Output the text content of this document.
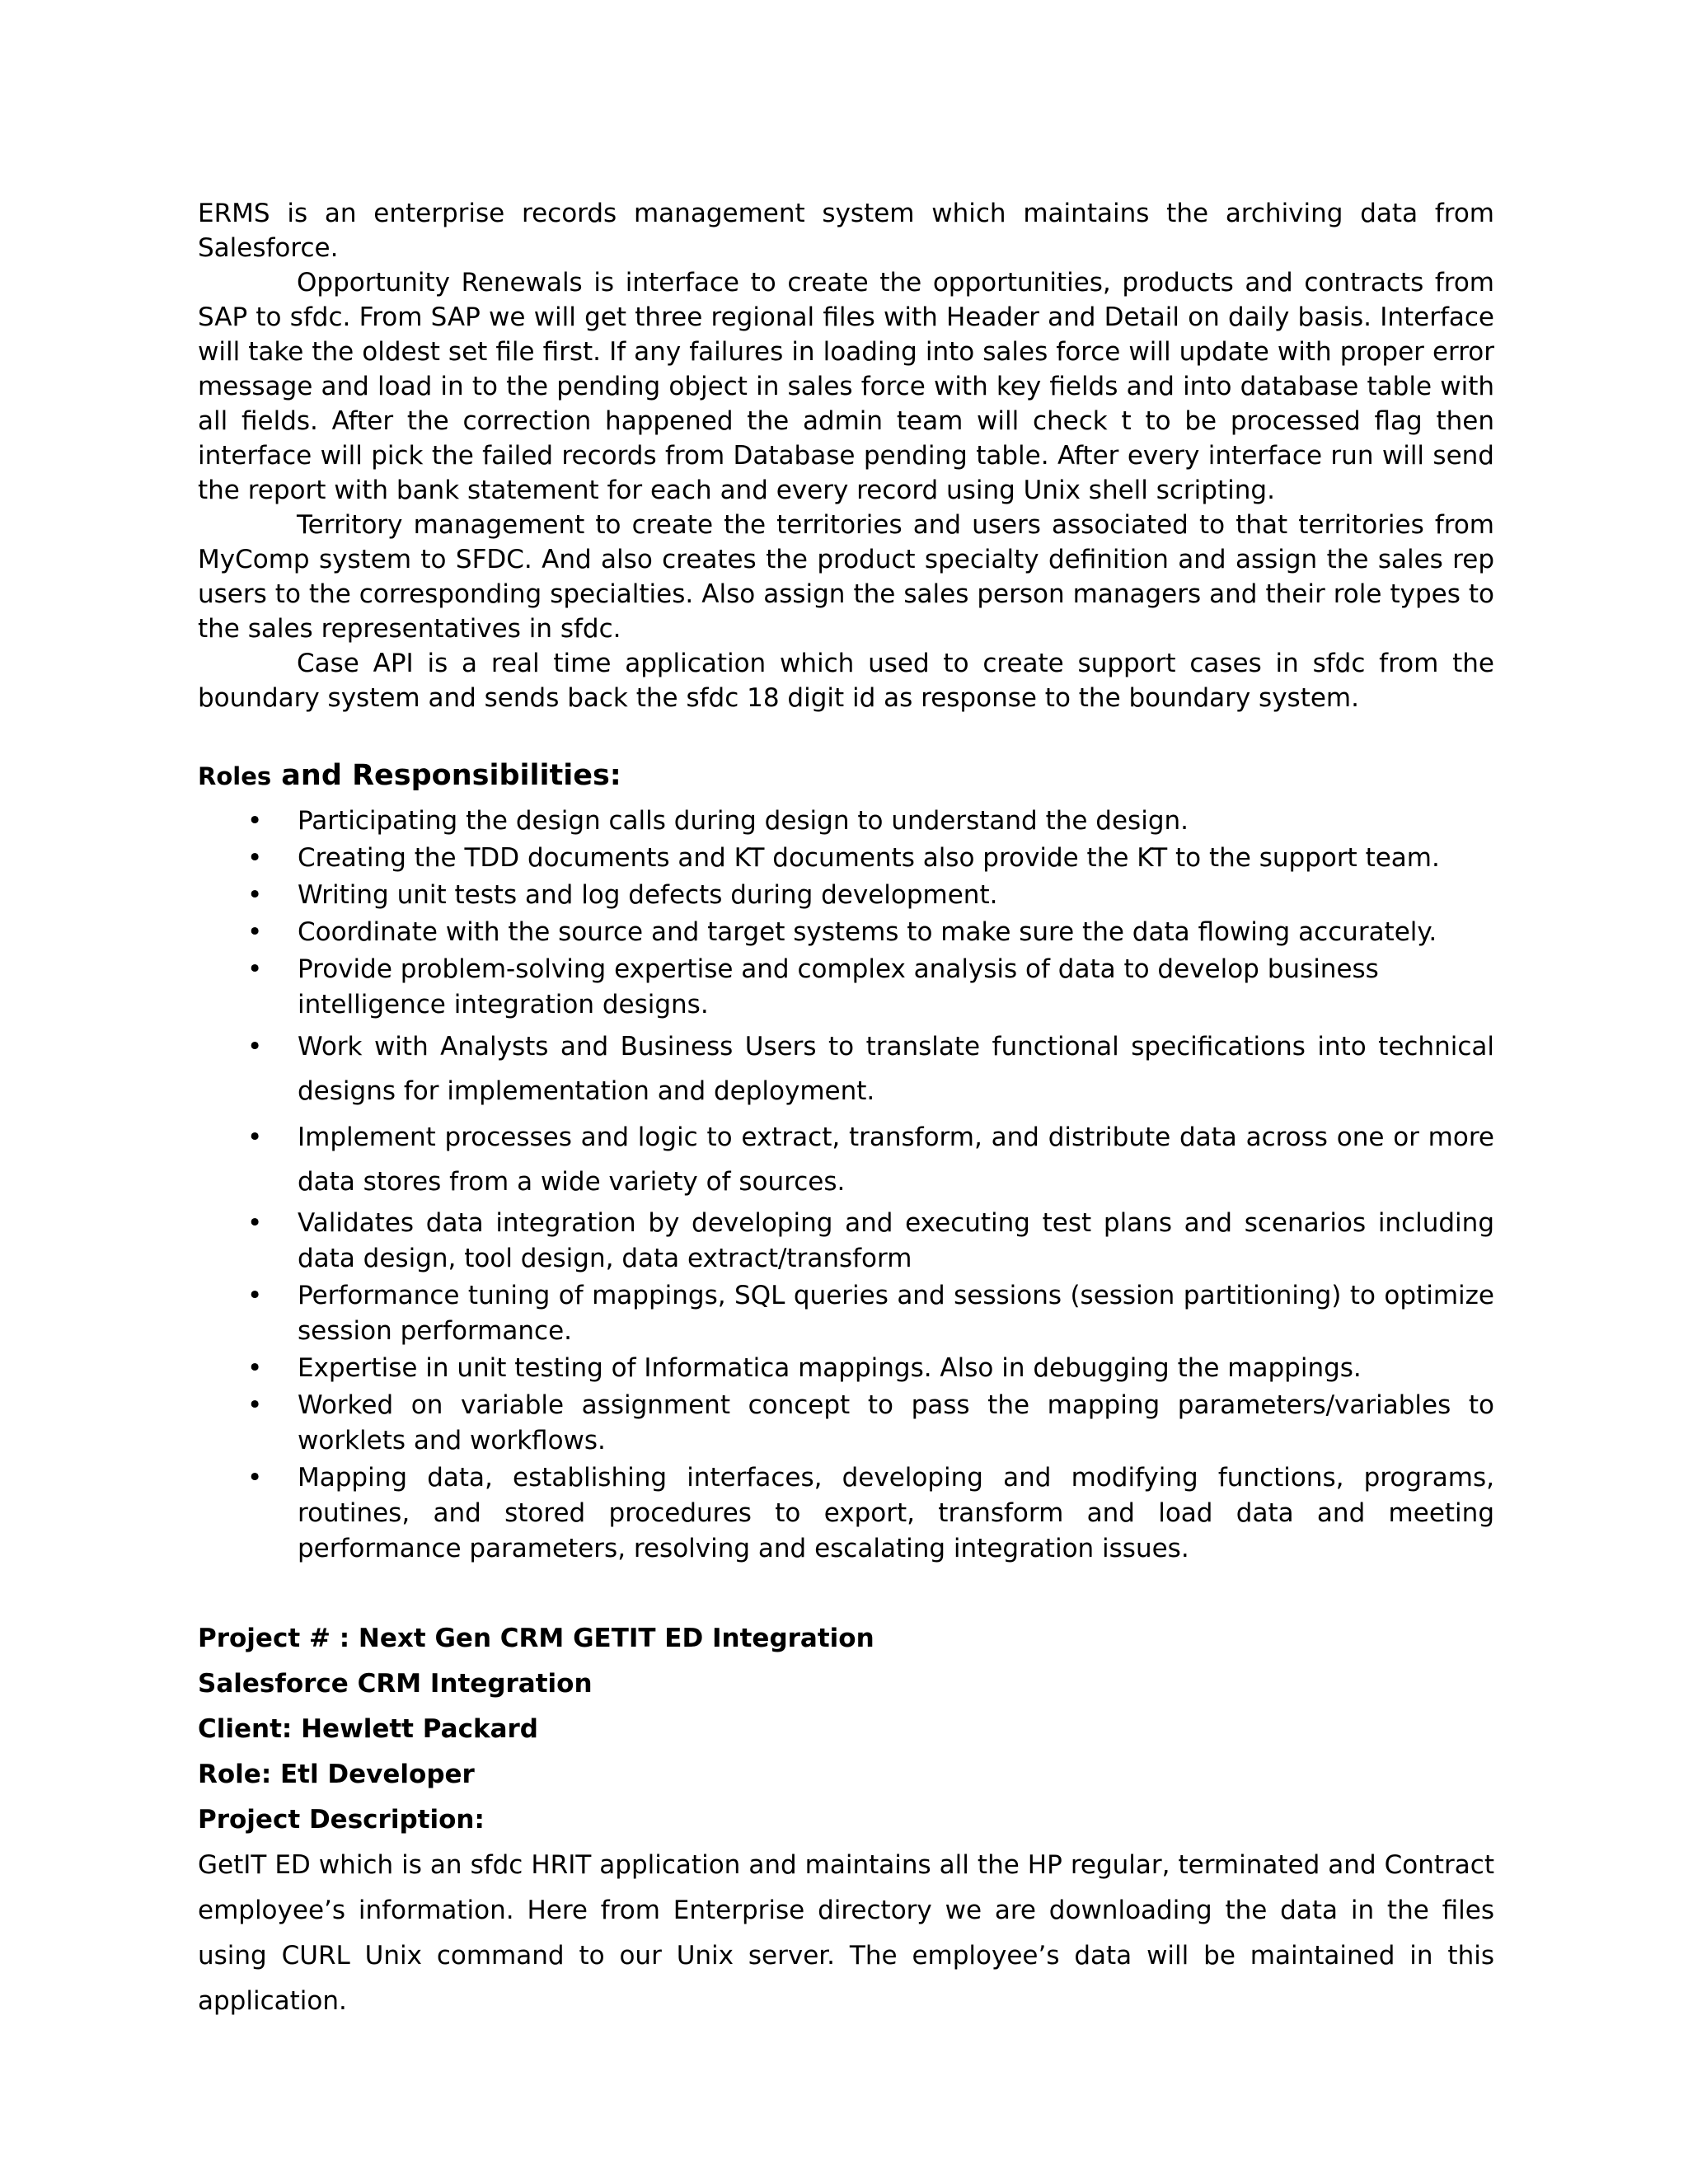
ERMS is an enterprise records management system which maintains the archiving data from Salesforce.

Opportunity Renewals is interface to create the opportunities, products and contracts from SAP to sfdc. From SAP we will get three regional files with Header and Detail on daily basis. Interface will take the oldest set file first. If any failures in loading into sales force will update with proper error message and load in to the pending object in sales force with key fields and into database table with all fields. After the correction happened the admin team will check t to be processed flag then interface will pick the failed records from Database pending table. After every interface run will send the report with bank statement for each and every record using Unix shell scripting.

Territory management to create the territories and users associated to that territories from MyComp system to SFDC. And also creates the product specialty definition and assign the sales rep users to the corresponding specialties. Also assign the sales person managers and their role types to the sales representatives in sfdc.

Case API is a real time application which used to create support cases in sfdc from the boundary system and sends back the sfdc 18 digit id as response to the boundary system.

Roles and Responsibilities:
• Participating the design calls during design to understand the design.
• Creating the TDD documents and KT documents also provide the KT to the support team.
• Writing unit tests and log defects during development.
• Coordinate with the source and target systems to make sure the data flowing accurately.
• Provide problem-solving expertise and complex analysis of data to develop business intelligence integration designs.
• Work with Analysts and Business Users to translate functional specifications into technical designs for implementation and deployment.
• Implement processes and logic to extract, transform, and distribute data across one or more data stores from a wide variety of sources.
• Validates data integration by developing and executing test plans and scenarios including data design, tool design, data extract/transform
• Performance tuning of mappings, SQL queries and sessions (session partitioning) to optimize session performance.
• Expertise in unit testing of Informatica mappings. Also in debugging the mappings.
• Worked on variable assignment concept to pass the mapping parameters/variables to worklets and workflows.
• Mapping data, establishing interfaces, developing and modifying functions, programs, routines, and stored procedures to export, transform and load data and meeting performance parameters, resolving and escalating integration issues.

Project # : Next Gen CRM GETIT ED Integration

Salesforce CRM Integration

Client: Hewlett Packard

Role: Etl Developer

Project Description:

GetIT ED which is an sfdc HRIT application and maintains all the HP regular, terminated and Contract employee’s information. Here from Enterprise directory we are downloading the data in the files using CURL Unix command to our Unix server. The employee’s data will be maintained in this application.
